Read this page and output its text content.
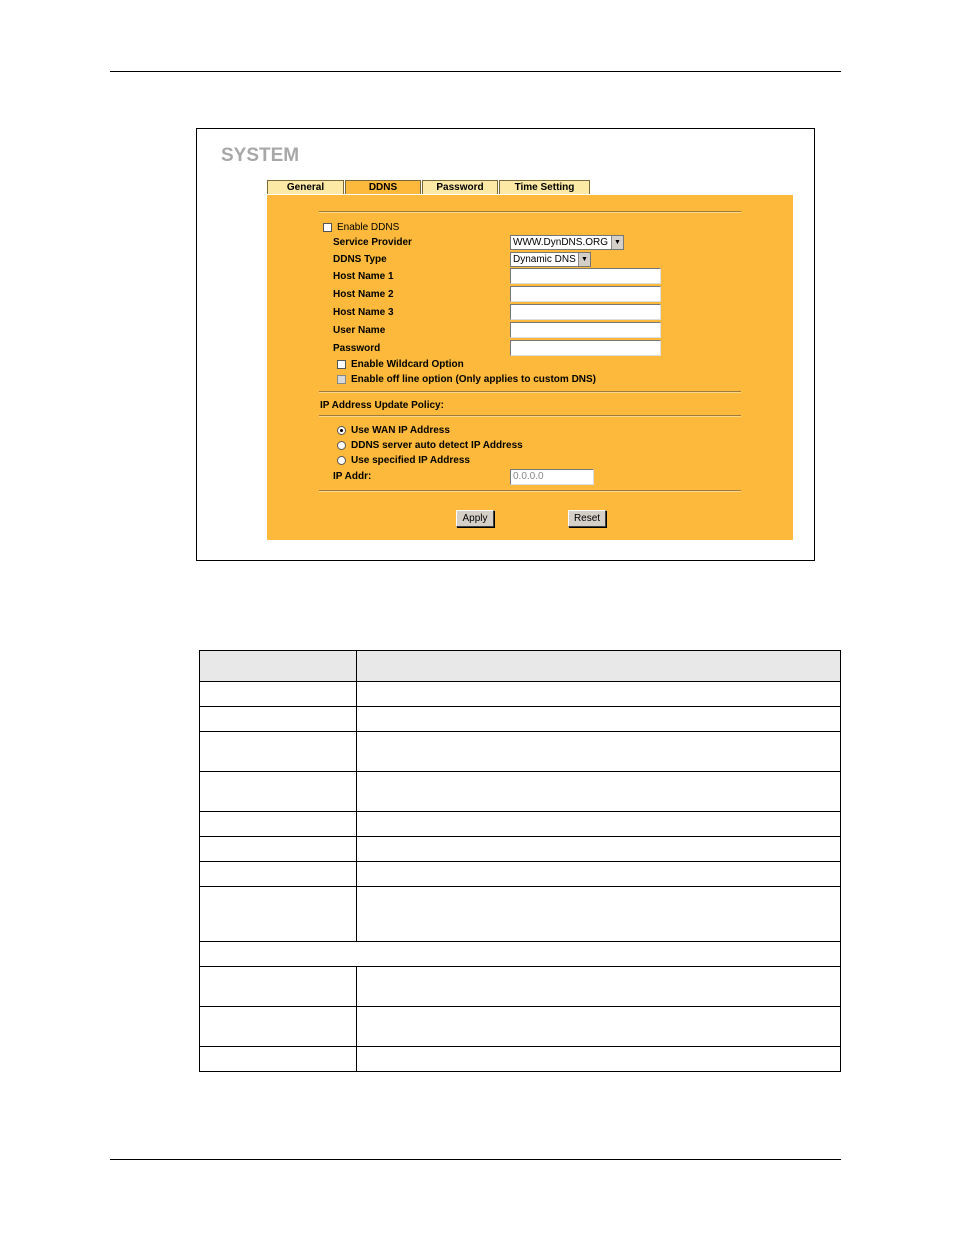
SYSTEM
General	DDNS	Password	Time Setting
Enable DDNS
Service Provider	WWW.DynDNS.ORG ▼
DDNS Type	Dynamic DNS ▼
Host Name 1
Host Name 2
Host Name 3
User Name
Password
Enable Wildcard Option
Enable off line option (Only applies to custom DNS)
IP Address Update Policy:
Use WAN IP Address
DDNS server auto detect IP Address
Use specified IP Address
IP Addr:	0.0.0.0
Apply	Reset
